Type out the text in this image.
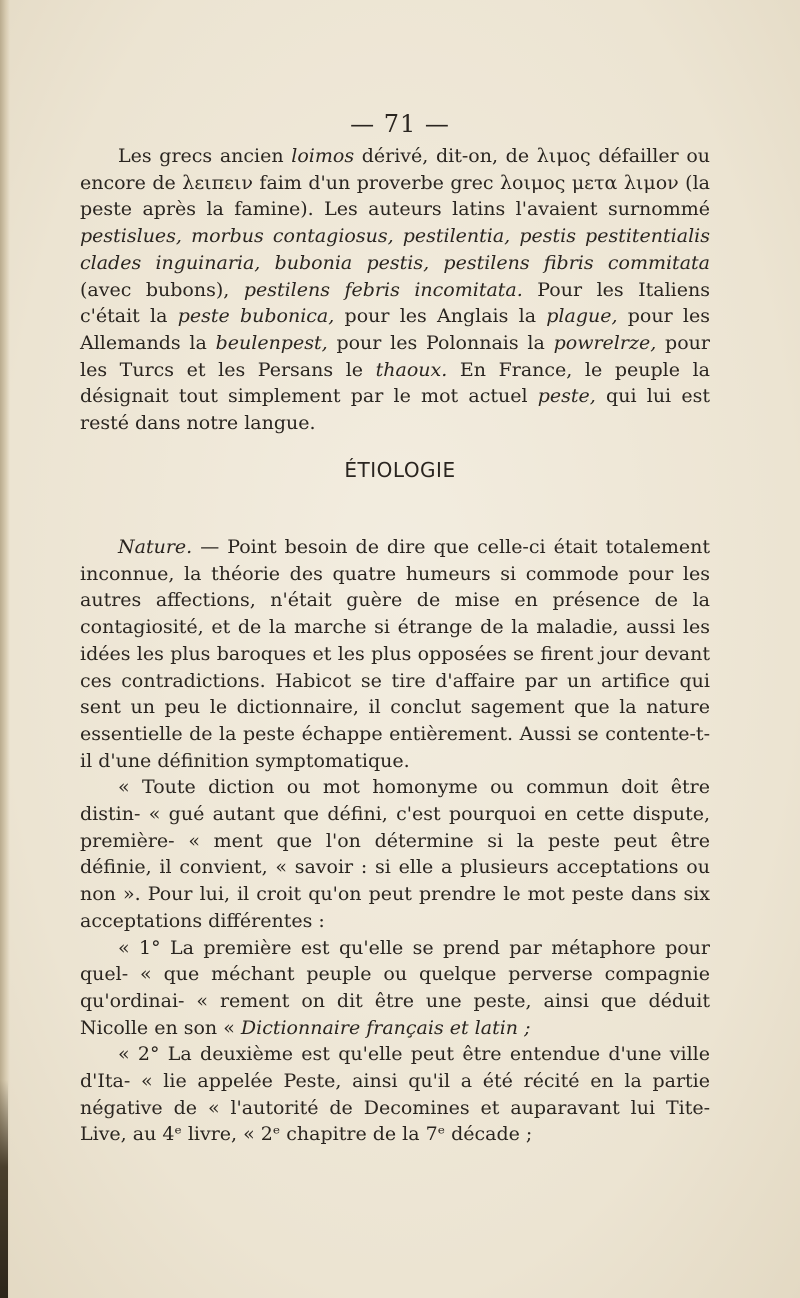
— 71 —

Les grecs ancien loimos dérivé, dit-on, de λιμος défailler ou encore de λειπειν faim d'un proverbe grec λοιμος μετα λιμον (la peste après la famine). Les auteurs latins l'avaient surnommé pestislues, morbus contagiosus, pestilentia, pestis pestitentialis clades inguinaria, bubonia pestis, pestilens fibris commitata (avec bubons), pestilens febris incomitata. Pour les Italiens c'était la peste bubonica, pour les Anglais la plague, pour les Allemands la beulenpest, pour les Polonnais la powrelrze, pour les Turcs et les Persans le thaoux. En France, le peuple la désignait tout simplement par le mot actuel peste, qui lui est resté dans notre langue.

ÉTIOLOGIE

Nature. — Point besoin de dire que celle-ci était totalement inconnue, la théorie des quatre humeurs si commode pour les autres affections, n'était guère de mise en présence de la contagiosité, et de la marche si étrange de la maladie, aussi les idées les plus baroques et les plus opposées se firent jour devant ces contradictions. Habicot se tire d'affaire par un artifice qui sent un peu le dictionnaire, il conclut sagement que la nature essentielle de la peste échappe entièrement. Aussi se contente-t-il d'une définition symptomatique.

« Toute diction ou mot homonyme ou commun doit être distin- « gué autant que défini, c'est pourquoi en cette dispute, première- « ment que l'on détermine si la peste peut être définie, il convient, « savoir : si elle a plusieurs acceptations ou non ». Pour lui, il croit qu'on peut prendre le mot peste dans six acceptations différentes :

« 1° La première est qu'elle se prend par métaphore pour quel- « que méchant peuple ou quelque perverse compagnie qu'ordinai- « rement on dit être une peste, ainsi que déduit Nicolle en son « Dictionnaire français et latin ;

« 2° La deuxième est qu'elle peut être entendue d'une ville d'Ita- « lie appelée Peste, ainsi qu'il a été récité en la partie négative de « l'autorité de Decomines et auparavant lui Tite-Live, au 4ᵉ livre, « 2ᵉ chapitre de la 7ᵉ décade ;
